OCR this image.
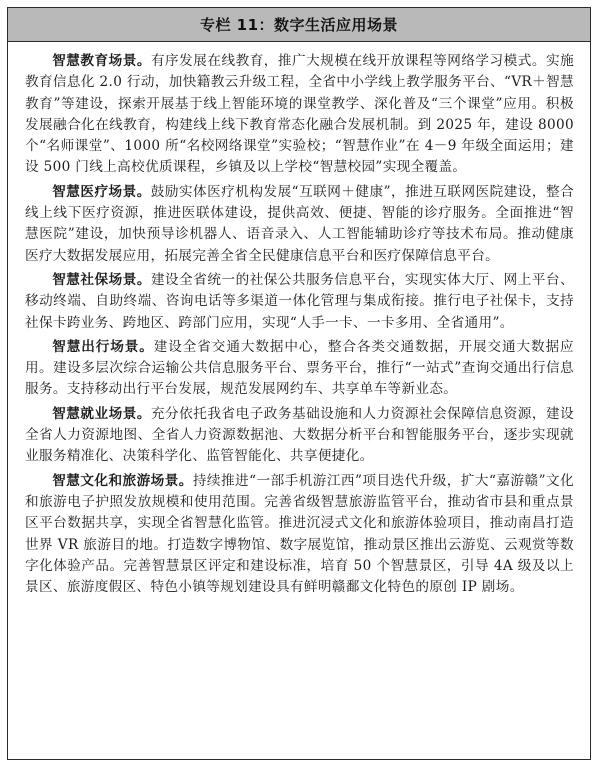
专栏 11：数字生活应用场景

智慧教育场景。有序发展在线教育，推广大规模在线开放课程等网络学习模式。实施教育信息化 2.0 行动，加快籍教云升级工程，全省中小学线上教学服务平台、“VR＋智慧教育”等建设，探索开展基于线上智能环境的课堂教学、深化普及“三个课堂”应用。积极发展融合化在线教育，构建线上线下教育常态化融合发展机制。到 2025 年，建设 8000 个“名师课堂”、1000 所“名校网络课堂”实验校；“智慧作业”在 4－9 年级全面运用；建设 500 门线上高校优质课程，乡镇及以上学校“智慧校园”实现全覆盖。

智慧医疗场景。鼓励实体医疗机构发展“互联网＋健康”，推进互联网医院建设，整合线上线下医疗资源，推进医联体建设，提供高效、便捷、智能的诊疗服务。全面推进“智慧医院”建设，加快预导诊机器人、语音录入、人工智能辅助诊疗等技术布局。推动健康医疗大数据发展应用，拓展完善全省全民健康信息平台和医疗保障信息平台。

智慧社保场景。建设全省统一的社保公共服务信息平台，实现实体大厅、网上平台、移动终端、自助终端、咨询电话等多渠道一体化管理与集成衔接。推行电子社保卡，支持社保卡跨业务、跨地区、跨部门应用，实现“人手一卡、一卡多用、全省通用”。

智慧出行场景。建设全省交通大数据中心，整合各类交通数据，开展交通大数据应用。建设多层次综合运输公共信息服务平台、票务平台，推行“一站式”查询交通出行信息服务。支持移动出行平台发展，规范发展网约车、共享单车等新业态。

智慧就业场景。充分依托我省电子政务基础设施和人力资源社会保障信息资源，建设全省人力资源地图、全省人力资源数据池、大数据分析平台和智能服务平台，逐步实现就业服务精准化、决策科学化、监管智能化、共享便捷化。

智慧文化和旅游场景。持续推进“一部手机游江西”项目迭代升级，扩大“嘉游赣”文化和旅游电子护照发放规模和使用范围。完善省级智慧旅游监管平台，推动省市县和重点景区平台数据共享，实现全省智慧化监管。推进沉浸式文化和旅游体验项目，推动南昌打造世界 VR 旅游目的地。打造数字博物馆、数字展览馆，推动景区推出云游览、云观赏等数字化体验产品。完善智慧景区评定和建设标准，培育 50 个智慧景区，引导 4A 级及以上景区、旅游度假区、特色小镇等规划建设具有鲜明赣鄱文化特色的原创 IP 剧场。
